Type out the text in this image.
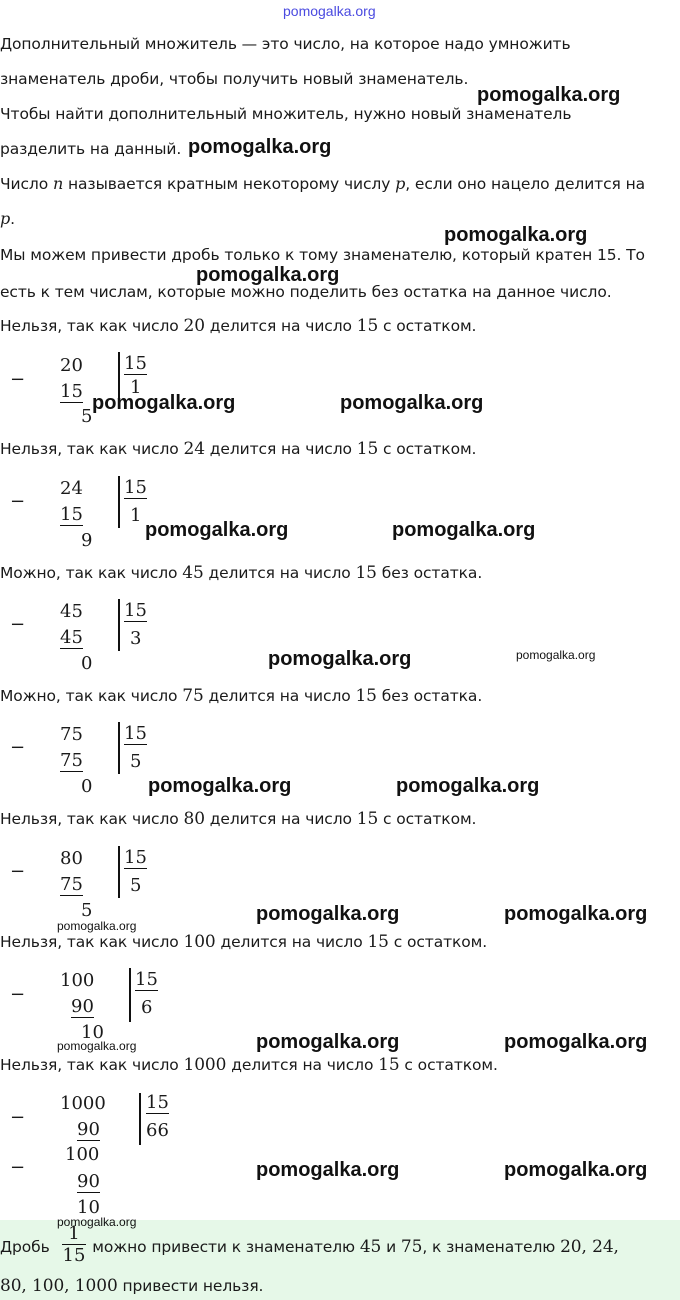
pomogalka.org
Дополнительный множитель — это число, на которое надо умножить
знаменатель дроби, чтобы получить новый знаменатель.
Чтобы найти дополнительный множитель, нужно новый знаменатель
разделить на данный.
Число n называется кратным некоторому числу p, если оно нацело делится на
p.
Мы можем привести дробь только к тому знаменателю, который кратен 15. То
есть к тем числам, которые можно поделить без остатка на данное число.
Нельзя, так как число 20 делится на число 15 с остатком.
Нельзя, так как число 24 делится на число 15 с остатком.
Можно, так как число 45 делится на число 15 без остатка.
Можно, так как число 75 делится на число 15 без остатка.
Нельзя, так как число 80 делится на число 15 с остатком.
Нельзя, так как число 100 делится на число 15 с остатком.
Нельзя, так как число 1000 делится на число 15 с остатком.
−
20
15
5
15
1
−
24
15
9
15
1
−
45
45
0
15
3
−
75
75
0
15
5
−
80
75
5
15
5
−
100
90
10
15
6
−
1000
90
100
−
90
10
15
66
$\frac{1}{15}$
Дробь  можно привести к знаменателю 45 и 75, к знаменателю 20, 24,
80, 100, 1000 привести нельзя.
pomogalka.org
pomogalka.org
pomogalka.org
pomogalka.org
pomogalka.org	pomogalka.org
pomogalka.org	pomogalka.org
pomogalka.org	pomogalka.org
pomogalka.org	pomogalka.org
pomogalka.org
pomogalka.org	pomogalka.org
pomogalka.org	pomogalka.org	pomogalka.org
pomogalka.org	pomogalka.org
pomogalka.org
